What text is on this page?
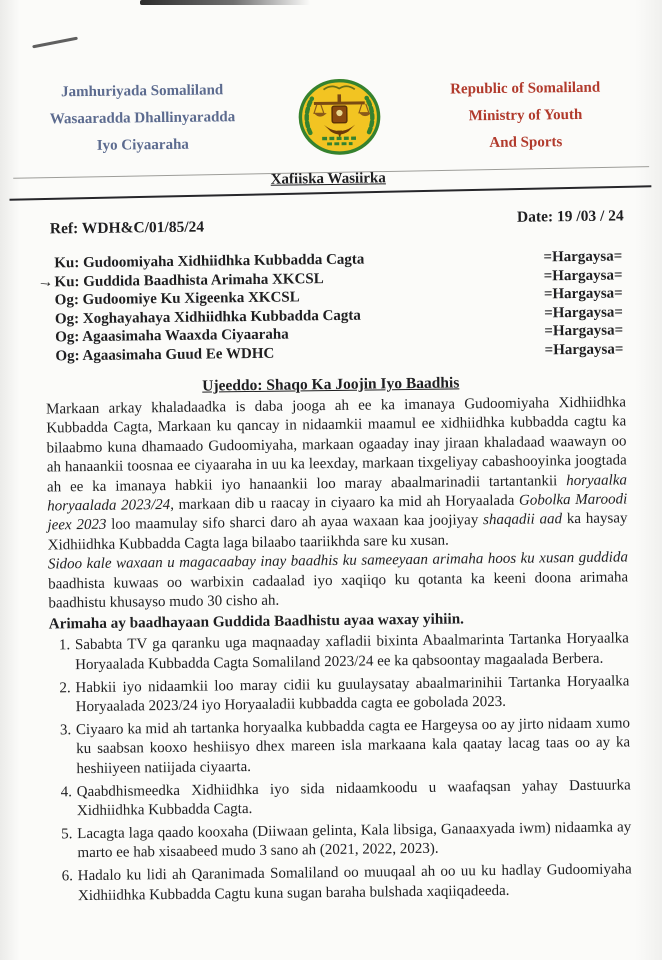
Jamhuriyada Somaliland
Wasaaradda Dhallinyaradda
Iyo Ciyaaraha
Republic of Somaliland
Ministry of Youth
And Sports
Xafiiska Wasiirka
Ref: WDH&C/01/85/24
Date: 19 /03 / 24
Ku: Gudoomiyaha Xidhiidhka Kubbadda Cagta	=Hargaysa=
→ Ku: Guddida Baadhista Arimaha XKCSL	=Hargaysa=
Og: Gudoomiye Ku Xigeenka XKCSL	=Hargaysa=
Og: Xoghayahaya Xidhiidhka Kubbadda Cagta	=Hargaysa=
Og: Agaasimaha Waaxda Ciyaaraha	=Hargaysa=
Og: Agaasimaha Guud Ee WDHC	=Hargaysa=
Ujeeddo: Shaqo Ka Joojin Iyo Baadhis

Markaan arkay khaladaadka is daba jooga ah ee ka imanaya Gudoomiyaha Xidhiidhka Kubbadda Cagta, Markaan ku qancay in nidaamkii maamul ee xidhiidhka kubbadda cagtu ka bilaabmo kuna dhamaado Gudoomiyaha, markaan ogaaday inay jiraan khaladaad waawayn oo ah hanaankii toosnaa ee ciyaaraha in uu ka leexday, markaan tixgeliyay cabashooyinka joogtada ah ee ka imanaya habkii iyo hanaankii loo maray abaalmarinadii tartantankii horyaalka horyaalada 2023/24, markaan dib u raacay in ciyaaro ka mid ah Horyaalada Gobolka Maroodi jeex 2023 loo maamulay sifo sharci daro ah ayaa waxaan kaa joojiyay shaqadii aad ka haysay Xidhiidhka Kubbadda Cagta laga bilaabo taariikhda sare ku xusan.

Sidoo kale waxaan u magacaabay inay baadhis ku sameeyaan arimaha hoos ku xusan guddida baadhista kuwaas oo warbixin cadaalad iyo xaqiiqo ku qotanta ka keeni doona arimaha baadhistu khusayso mudo 30 cisho ah.

Arimaha ay baadhayaan Guddida Baadhistu ayaa waxay yihiin.
1. Sababta TV ga qaranku uga maqnaaday xafladii bixinta Abaalmarinta Tartanka Horyaalka Horyaalada Kubbadda Cagta Somaliland 2023/24 ee ka qabsoontay magaalada Berbera.
2. Habkii iyo nidaamkii loo maray cidii ku guulaysatay abaalmarinihii Tartanka Horyaalka Horyaalada 2023/24 iyo Horyaaladii kubbadda cagta ee gobolada 2023.
3. Ciyaaro ka mid ah tartanka horyaalka kubbadda cagta ee Hargeysa oo ay jirto nidaam xumo ku saabsan kooxo heshiisyo dhex mareen isla markaana kala qaatay lacag taas oo ay ka heshiiyeen natiijada ciyaarta.
4. Qaabdhismeedka Xidhiidhka iyo sida nidaamkoodu u waafaqsan yahay Dastuurka Xidhiidhka Kubbadda Cagta.
5. Lacagta laga qaado kooxaha (Diiwaan gelinta, Kala libsiga, Ganaaxyada iwm) nidaamka ay marto ee hab xisaabeed mudo 3 sano ah (2021, 2022, 2023).
6. Hadalo ku lidi ah Qaranimada Somaliland oo muuqaal ah oo uu ku hadlay Gudoomiyaha Xidhiidhka Kubbadda Cagtu kuna sugan baraha bulshada xaqiiqadeeda.
